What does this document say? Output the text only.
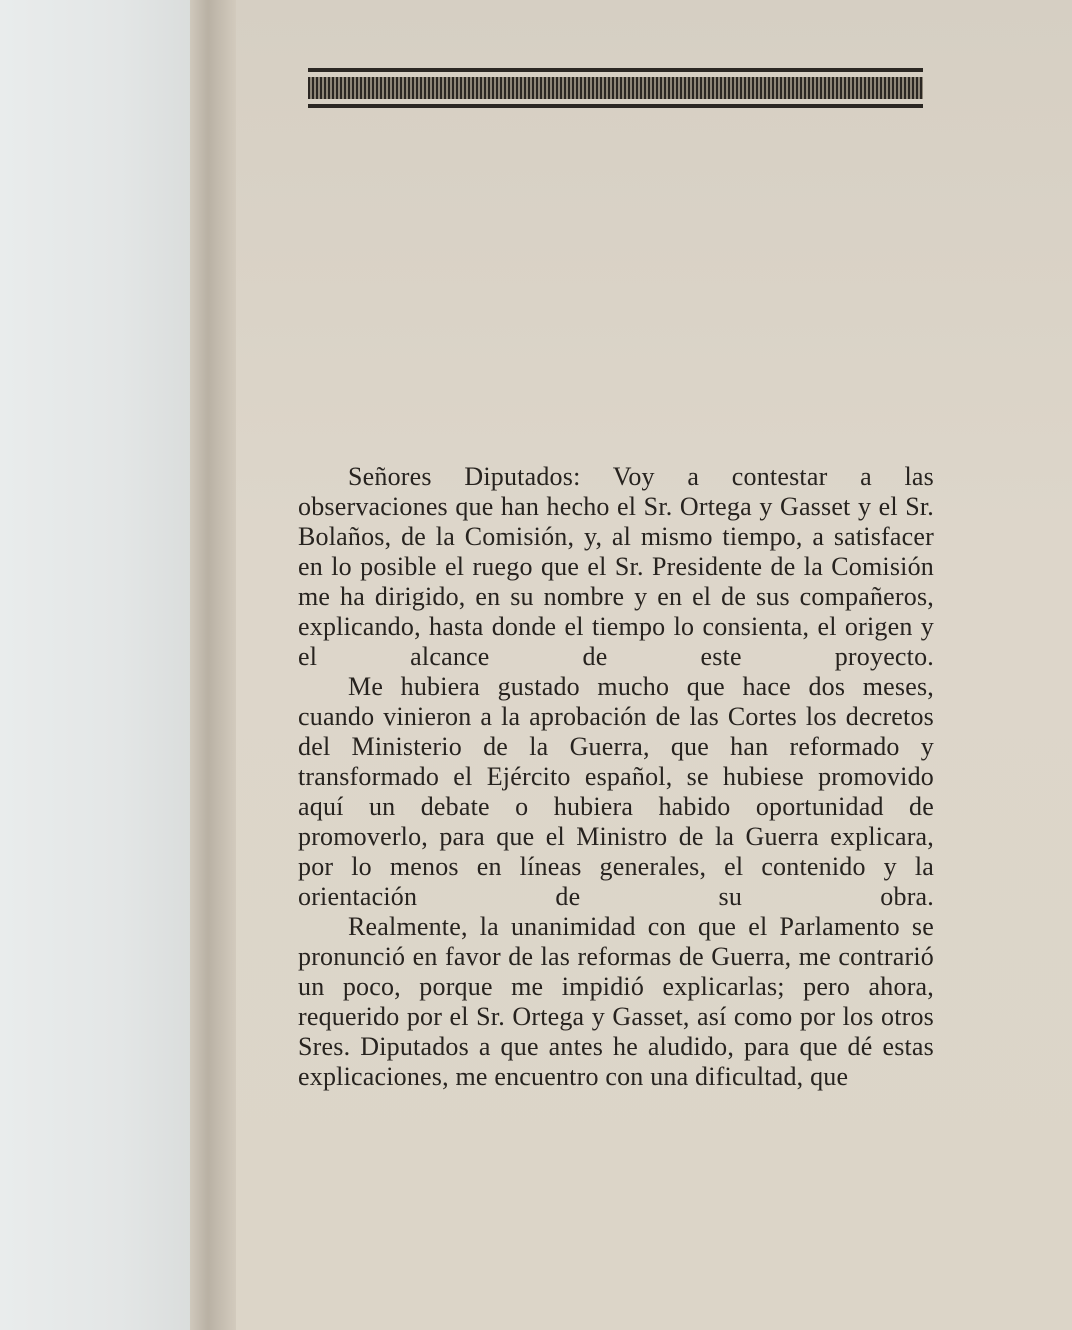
Señores Diputados: Voy a contestar a las observaciones que han hecho el Sr. Ortega y Gasset y el Sr. Bolaños, de la Comisión, y, al mismo tiempo, a satisfacer en lo posible el ruego que el Sr. Presidente de la Comisión me ha dirigido, en su nombre y en el de sus compañeros, explicando, hasta donde el tiempo lo consienta, el origen y el alcance de este proyecto.

Me hubiera gustado mucho que hace dos meses, cuando vinieron a la aprobación de las Cortes los decretos del Ministerio de la Guerra, que han reformado y transformado el Ejército español, se hubiese promovido aquí un debate o hubiera habido oportunidad de promoverlo, para que el Ministro de la Guerra explicara, por lo menos en líneas generales, el contenido y la orientación de su obra.

Realmente, la unanimidad con que el Parlamento se pronunció en favor de las reformas de Guerra, me contrarió un poco, porque me impidió explicarlas; pero ahora, requerido por el Sr. Ortega y Gasset, así como por los otros Sres. Diputados a que antes he aludido, para que dé estas explicaciones, me encuentro con una dificultad, que
